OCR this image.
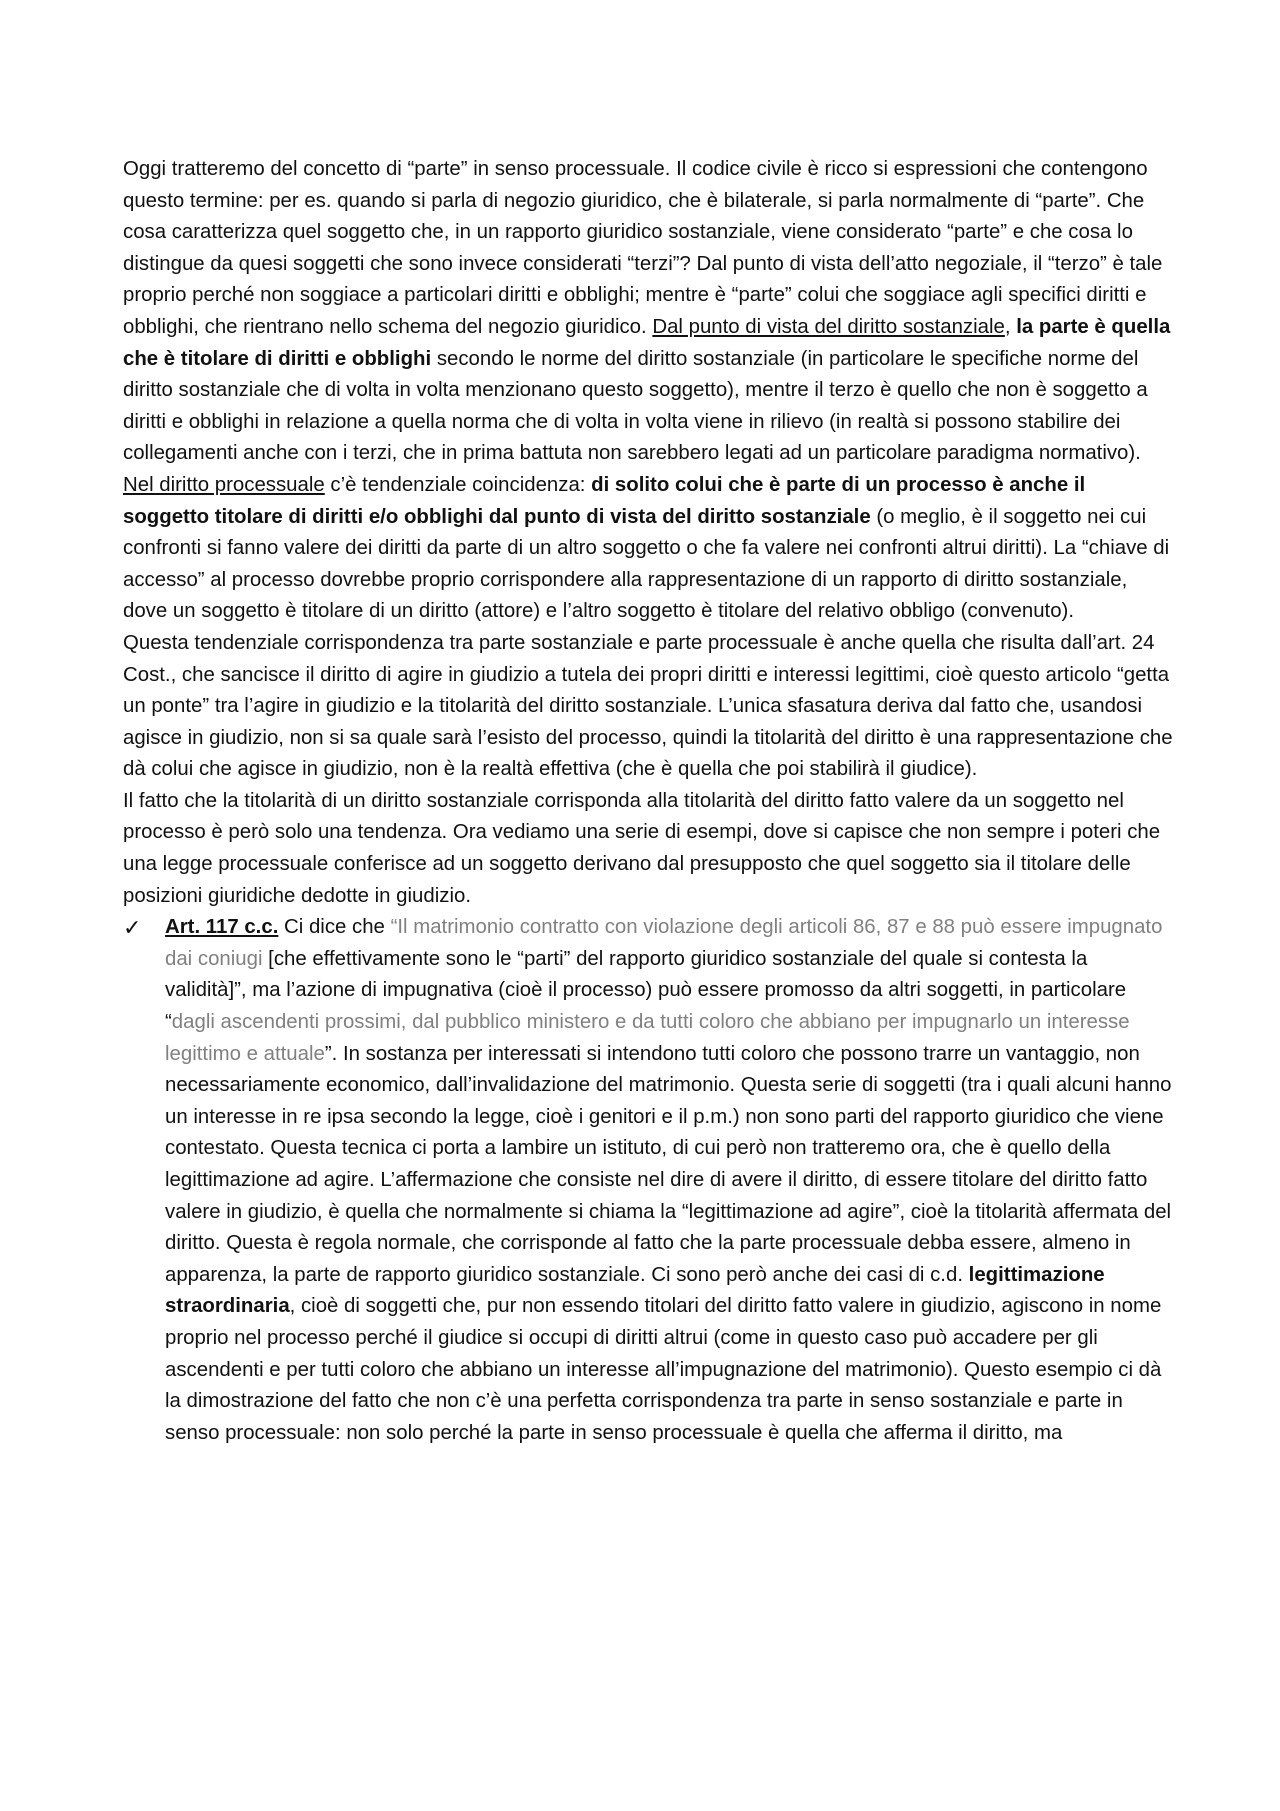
Oggi tratteremo del concetto di “parte” in senso processuale. Il codice civile è ricco si espressioni che contengono questo termine: per es. quando si parla di negozio giuridico, che è bilaterale, si parla normalmente di “parte”. Che cosa caratterizza quel soggetto che, in un rapporto giuridico sostanziale, viene considerato “parte” e che cosa lo distingue da quesi soggetti che sono invece considerati “terzi”? Dal punto di vista dell’atto negoziale, il “terzo” è tale proprio perché non soggiace a particolari diritti e obblighi; mentre è “parte” colui che soggiace agli specifici diritti e obblighi, che rientrano nello schema del negozio giuridico. Dal punto di vista del diritto sostanziale, la parte è quella che è titolare di diritti e obblighi secondo le norme del diritto sostanziale (in particolare le specifiche norme del diritto sostanziale che di volta in volta menzionano questo soggetto), mentre il terzo è quello che non è soggetto a diritti e obblighi in relazione a quella norma che di volta in volta viene in rilievo (in realtà si possono stabilire dei collegamenti anche con i terzi, che in prima battuta non sarebbero legati ad un particolare paradigma normativo). Nel diritto processuale c’è tendenziale coincidenza: di solito colui che è parte di un processo è anche il soggetto titolare di diritti e/o obblighi dal punto di vista del diritto sostanziale (o meglio, è il soggetto nei cui confronti si fanno valere dei diritti da parte di un altro soggetto o che fa valere nei confronti altrui diritti). La “chiave di accesso” al processo dovrebbe proprio corrispondere alla rappresentazione di un rapporto di diritto sostanziale, dove un soggetto è titolare di un diritto (attore) e l’altro soggetto è titolare del relativo obbligo (convenuto).

Questa tendenziale corrispondenza tra parte sostanziale e parte processuale è anche quella che risulta dall’art. 24 Cost., che sancisce il diritto di agire in giudizio a tutela dei propri diritti e interessi legittimi, cioè questo articolo “getta un ponte” tra l’agire in giudizio e la titolarità del diritto sostanziale. L’unica sfasatura deriva dal fatto che, usandosi agisce in giudizio, non si sa quale sarà l’esisto del processo, quindi la titolarità del diritto è una rappresentazione che dà colui che agisce in giudizio, non è la realtà effettiva (che è quella che poi stabilirà il giudice).

Il fatto che la titolarità di un diritto sostanziale corrisponda alla titolarità del diritto fatto valere da un soggetto nel processo è però solo una tendenza. Ora vediamo una serie di esempi, dove si capisce che non sempre i poteri che una legge processuale conferisce ad un soggetto derivano dal presupposto che quel soggetto sia il titolare delle posizioni giuridiche dedotte in giudizio.

✓ Art. 117 c.c. Ci dice che “Il matrimonio contratto con violazione degli articoli 86, 87 e 88 può essere impugnato dai coniugi [che effettivamente sono le “parti” del rapporto giuridico sostanziale del quale si contesta la validità]”, ma l’azione di impugnativa (cioè il processo) può essere promosso da altri soggetti, in particolare “dagli ascendenti prossimi, dal pubblico ministero e da tutti coloro che abbiano per impugnarlo un interesse legittimo e attuale”. In sostanza per interessati si intendono tutti coloro che possono trarre un vantaggio, non necessariamente economico, dall’invalidazione del matrimonio. Questa serie di soggetti (tra i quali alcuni hanno un interesse in re ipsa secondo la legge, cioè i genitori e il p.m.) non sono parti del rapporto giuridico che viene contestato. Questa tecnica ci porta a lambire un istituto, di cui però non tratteremo ora, che è quello della legittimazione ad agire. L’affermazione che consiste nel dire di avere il diritto, di essere titolare del diritto fatto valere in giudizio, è quella che normalmente si chiama la “legittimazione ad agire”, cioè la titolarità affermata del diritto. Questa è regola normale, che corrisponde al fatto che la parte processuale debba essere, almeno in apparenza, la parte de rapporto giuridico sostanziale. Ci sono però anche dei casi di c.d. legittimazione straordinaria, cioè di soggetti che, pur non essendo titolari del diritto fatto valere in giudizio, agiscono in nome proprio nel processo perché il giudice si occupi di diritti altrui (come in questo caso può accadere per gli ascendenti e per tutti coloro che abbiano un interesse all’impugnazione del matrimonio). Questo esempio ci dà la dimostrazione del fatto che non c’è una perfetta corrispondenza tra parte in senso sostanziale e parte in senso processuale: non solo perché la parte in senso processuale è quella che afferma il diritto, ma
